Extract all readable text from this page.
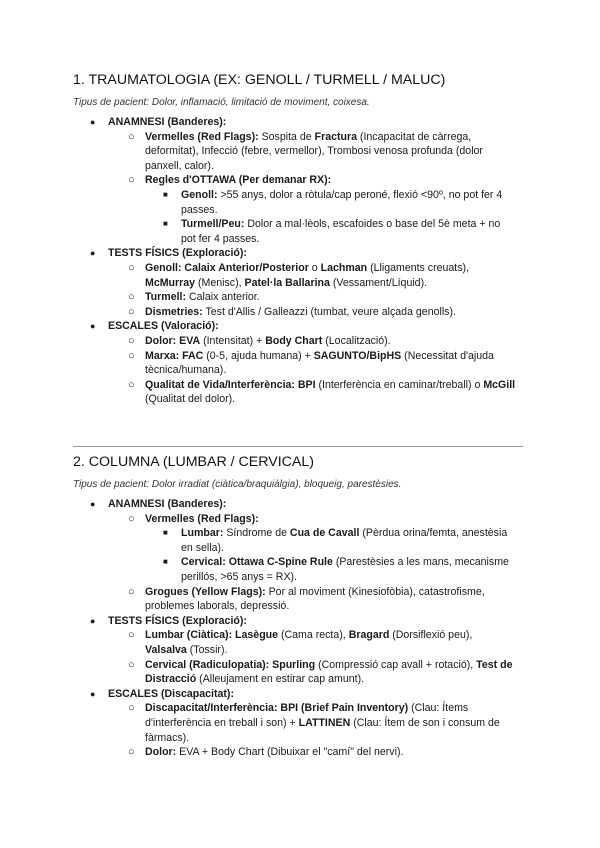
1. TRAUMATOLOGIA (EX: GENOLL / TURMELL / MALUC)

Tipus de pacient: Dolor, inflamació, limitació de moviment, coixesa.

● ANAMNESI (Banderes):
○ Vermelles (Red Flags): Sospita de Fractura (Incapacitat de càrrega, deformitat), Infecció (febre, vermellor), Trombosi venosa profunda (dolor panxell, calor).
○ Regles d'OTTAWA (Per demanar RX):
■ Genoll: >55 anys, dolor a ròtula/cap peroné, flexió <90º, no pot fer 4 passes.
■ Turmell/Peu: Dolor a mal·lèols, escafoides o base del 5è meta + no pot fer 4 passes.
● TESTS FÍSICS (Exploració):
○ Genoll: Calaix Anterior/Posterior o Lachman (Lligaments creuats), McMurray (Menisc), Patel·la Ballarina (Vessament/Líquid).
○ Turmell: Calaix anterior.
○ Dismetries: Test d'Allis / Galleazzi (tumbat, veure alçada genolls).
● ESCALES (Valoració):
○ Dolor: EVA (Intensitat) + Body Chart (Localització).
○ Marxa: FAC (0-5, ajuda humana) + SAGUNTO/BipHS (Necessitat d'ajuda tècnica/humana).
○ Qualitat de Vida/Interferència: BPI (Interferència en caminar/treball) o McGill (Qualitat del dolor).
2. COLUMNA (LUMBAR / CERVICAL)

Tipus de pacient: Dolor irradiat (ciàtica/braquiàlgia), bloqueig, parestèsies.

● ANAMNESI (Banderes):
○ Vermelles (Red Flags):
■ Lumbar: Síndrome de Cua de Cavall (Pèrdua orina/femta, anestèsia en sella).
■ Cervical: Ottawa C-Spine Rule (Parestèsies a les mans, mecanisme perillós, >65 anys = RX).
○ Grogues (Yellow Flags): Por al moviment (Kinesiofòbia), catastrofisme, problemes laborals, depressió.
● TESTS FÍSICS (Exploració):
○ Lumbar (Ciàtica): Lasègue (Cama recta), Bragard (Dorsiflexió peu), Valsalva (Tossir).
○ Cervical (Radiculopatia): Spurling (Compressió cap avall + rotació), Test de Distracció (Alleujament en estirar cap amunt).
● ESCALES (Discapacitat):
○ Discapacitat/Interferència: BPI (Brief Pain Inventory) (Clau: Ítems d'interferència en treball i son) + LATTINEN (Clau: Ítem de son i consum de fàrmacs).
○ Dolor: EVA + Body Chart (Dibuixar el "camí" del nervi).
